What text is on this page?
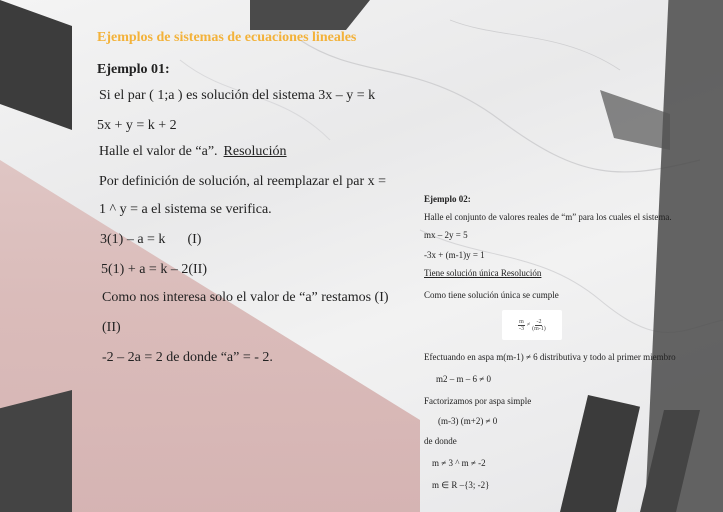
Ejemplos de sistemas de ecuaciones lineales
Ejemplo 01:
Si el par ( 1;a ) es solución del sistema 3x – y = k
5x + y = k + 2
Halle el valor de “a”. Resolución
Por definición de solución, al reemplazar el par x =
1 ^ y = a el sistema se verifica.
3(1) – a = k (I)
5(1) + a = k – 2(II)
Como nos interesa solo el valor de “a” restamos (I)
(II)
-2 – 2a = 2 de donde “a” = - 2.
Ejemplo 02:
Halle el conjunto de valores reales de “m” para los cuales el sistema.
mx – 2y = 5
-3x + (m-1)y = 1
Tiene solución única Resolución
Como tiene solución única se cumple
$\frac{m}{-3} \ne \frac{-2}{(m-1)}$
Efectuando en aspa m(m-1) ≠ 6 distributiva y todo al primer miembro
m2 – m – 6 ≠ 0
Factorizamos por aspa simple
(m-3) (m+2) ≠ 0
de donde
m ≠ 3 ^ m ≠ -2
m ∈ R –{3; -2}
